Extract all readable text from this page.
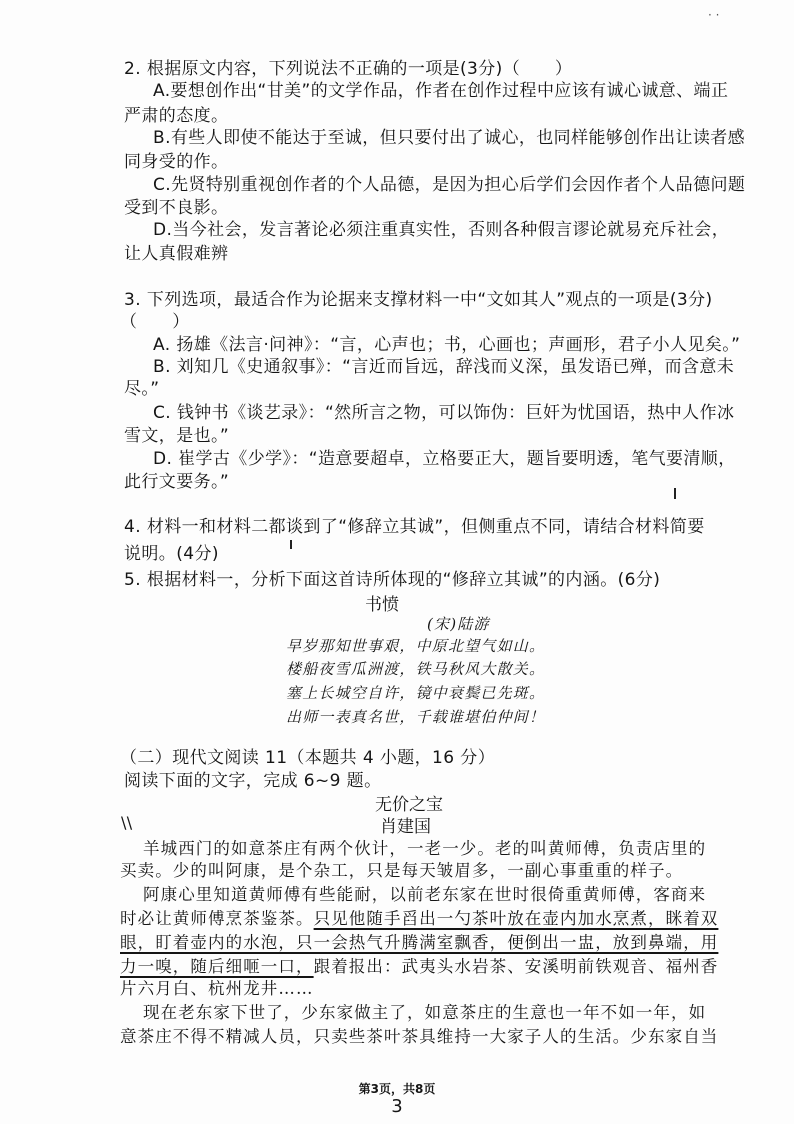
· ·
2. 根据原文内容，下列说法不正确的一项是(3分)（　　）
A.要想创作出“甘美”的文学作品，作者在创作过程中应该有诚心诚意、端正
严肃的态度。
B.有些人即使不能达于至诚，但只要付出了诚心，也同样能够创作出让读者感
同身受的作。
C.先贤特别重视创作者的个人品德，是因为担心后学们会因作者个人品德问题
受到不良影。
D.当今社会，发言著论必须注重真实性，否则各种假言谬论就易充斥社会，
让人真假难辨
3. 下列选项，最适合作为论据来支撑材料一中“文如其人”观点的一项是(3分)
（　　）
A. 扬雄《法言·问神》：“言，心声也；书，心画也；声画形，君子小人见矣。”
B. 刘知几《史通叙事》：“言近而旨远，辞浅而义深，虽发语已殚，而含意未
尽。”
C. 钱钟书《谈艺录》：“然所言之物，可以饰伪：巨奸为忧国语，热中人作冰
雪文，是也。”
D. 崔学古《少学》：“造意要超卓，立格要正大，题旨要明透，笔气要清顺，
此行文要务。”
4. 材料一和材料二都谈到了“修辞立其诚”，但侧重点不同，请结合材料简要
说明。(4分)
5. 根据材料一，分析下面这首诗所体现的“修辞立其诚”的内涵。(6分)
书愤
(宋)陆游
早岁那知世事艰，中原北望气如山。
楼船夜雪瓜洲渡，铁马秋风大散关。
塞上长城空自许，镜中衰鬓已先斑。
出师一表真名世，千载谁堪伯仲间！
（二）现代文阅读 11（本题共 4 小题，16 分）
阅读下面的文字，完成 6~9 题。
无价之宝
肖建国
\\
羊城西门的如意茶庄有两个伙计，一老一少。老的叫黄师傅，负责店里的
买卖。少的叫阿康，是个杂工，只是每天皱眉多，一副心事重重的样子。
阿康心里知道黄师傅有些能耐，以前老东家在世时很倚重黄师傅，客商来
时必让黄师傅烹茶鉴茶。只见他随手舀出一勺茶叶放在壶内加水烹煮，眯着双
眼，盯着壶内的水泡，只一会热气升腾满室飘香，便倒出一盅，放到鼻端，用
力一嗅，随后细咂一口，跟着报出：武夷头水岩茶、安溪明前铁观音、福州香
片六月白、杭州龙井……
现在老东家下世了，少东家做主了，如意茶庄的生意也一年不如一年，如
意茶庄不得不精减人员，只卖些茶叶茶具维持一大家子人的生活。少东家自当
第3页，共8页
3
